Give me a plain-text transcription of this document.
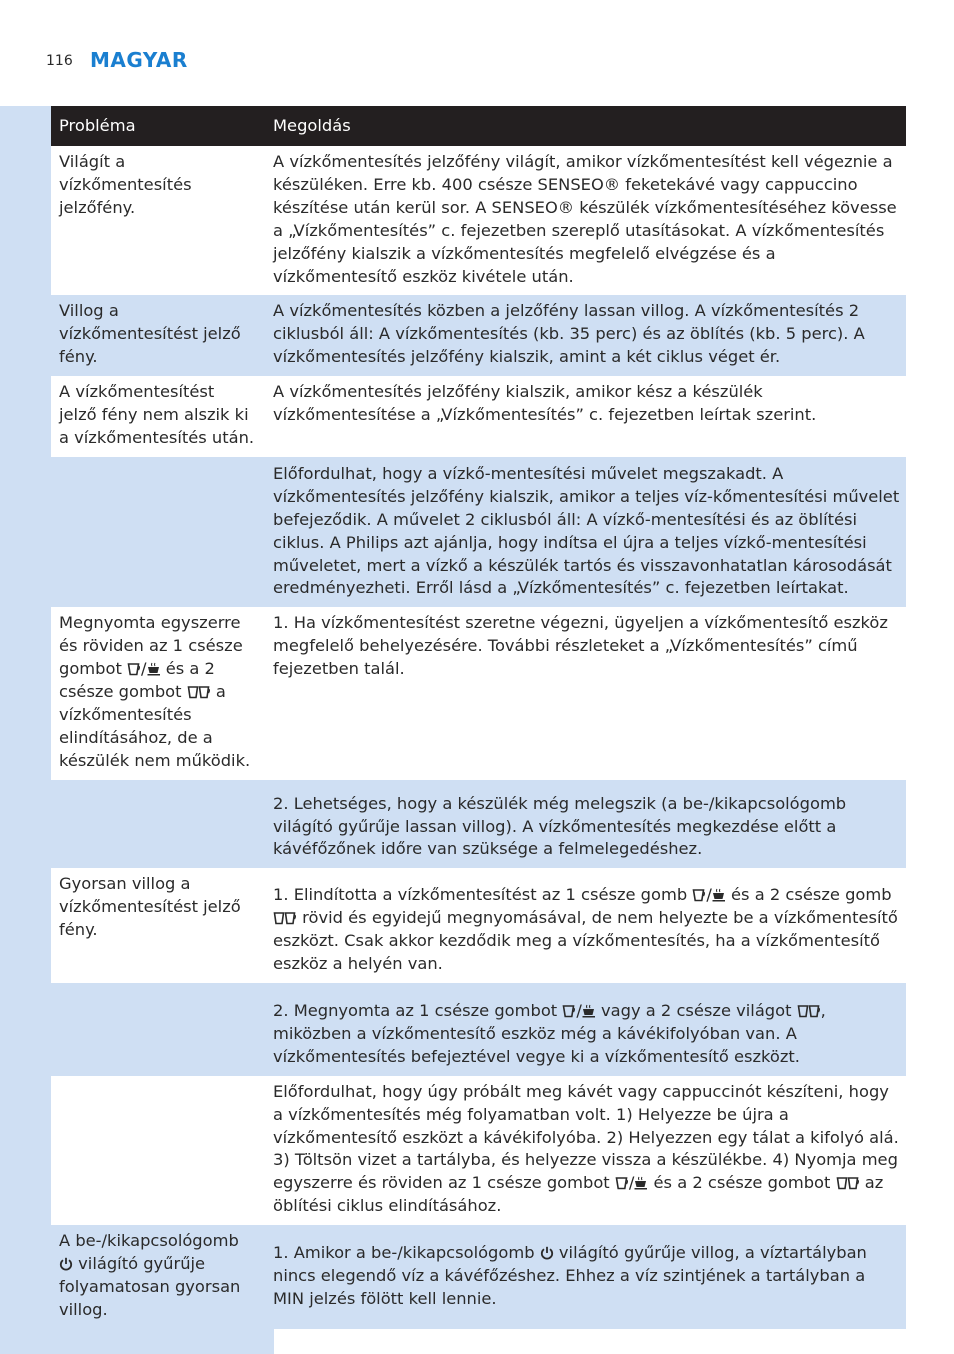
116 MAGYAR
Probléma	Megoldás
Világít a vízkőmentesítés jelzőfény.	A vízkőmentesítés jelzőfény világít, amikor vízkőmentesítést kell végeznie a készüléken. Erre kb. 400 csésze SENSEO® feketekávé vagy cappuccino készítése után kerül sor. A SENSEO® készülék vízkőmentesítéséhez kövesse a „Vízkőmentesítés” c. fejezetben szereplő utasításokat. A vízkőmentesítés jelzőfény kialszik a vízkőmentesítés megfelelő elvégzése és a vízkőmentesítő eszköz kivétele után.
Villog a vízkőmentesítést jelző fény.	A vízkőmentesítés közben a jelzőfény lassan villog. A vízkőmentesítés 2 ciklusból áll: A vízkőmentesítés (kb. 35 perc) és az öblítés (kb. 5 perc). A vízkőmentesítés jelzőfény kialszik, amint a két ciklus véget ér.
A vízkőmentesítést jelző fény nem alszik ki a vízkőmentesítés után.	A vízkőmentesítés jelzőfény kialszik, amikor kész a készülék vízkőmentesítése a „Vízkőmentesítés” c. fejezetben leírtak szerint.
	Előfordulhat, hogy a vízkő-mentesítési művelet megszakadt. A vízkőmentesítés jelzőfény kialszik, amikor a teljes víz-kőmentesítési művelet befejeződik. A művelet 2 ciklusból áll: A vízkő-mentesítési és az öblítési ciklus. A Philips azt ajánlja, hogy indítsa el újra a teljes vízkő-mentesítési műveletet, mert a vízkő a készülék tartós és visszavonhatatlan károsodását eredményezheti. Erről lásd a „Vízkőmentesítés” c. fejezetben leírtakat.
Megnyomta egyszerre és röviden az 1 csésze gombot / és a 2 csésze gombot  a vízkőmentesítés elindításához, de a készülék nem működik.	1. Ha vízkőmentesítést szeretne végezni, ügyeljen a vízkőmentesítő eszköz megfelelő behelyezésére. További részleteket a „Vízkőmentesítés” című fejezetben talál.
	2. Lehetséges, hogy a készülék még melegszik (a be-/kikapcsológomb világító gyűrűje lassan villog). A vízkőmentesítés megkezdése előtt a kávéfőzőnek időre van szüksége a felmelegedéshez.
Gyorsan villog a vízkőmentesítést jelző fény.	1. Elindította a vízkőmentesítést az 1 csésze gomb / és a 2 csésze gomb  rövid és egyidejű megnyomásával, de nem helyezte be a vízkőmentesítő eszközt. Csak akkor kezdődik meg a vízkőmentesítés, ha a vízkőmentesítő eszköz a helyén van.
	2. Megnyomta az 1 csésze gombot / vagy a 2 csésze világot , miközben a vízkőmentesítő eszköz még a kávékifolyóban van. A vízkőmentesítés befejeztével vegye ki a vízkőmentesítő eszközt.
	Előfordulhat, hogy úgy próbált meg kávét vagy cappuccinót készíteni, hogy a vízkőmentesítés még folyamatban volt. 1) Helyezze be újra a vízkőmentesítő eszközt a kávékifolyóba. 2) Helyezzen egy tálat a kifolyó alá. 3) Töltsön vizet a tartályba, és helyezze vissza a készülékbe. 4) Nyomja meg egyszerre és röviden az 1 csésze gombot / és a 2 csésze gombot  az öblítési ciklus elindításához.
A be-/kikapcsológomb  világító gyűrűje folyamatosan gyorsan villog.	1. Amikor a be-/kikapcsológomb  világító gyűrűje villog, a víztartályban nincs elegendő víz a kávéfőzéshez. Ehhez a víz szintjének a tartályban a MIN jelzés fölött kell lennie.
